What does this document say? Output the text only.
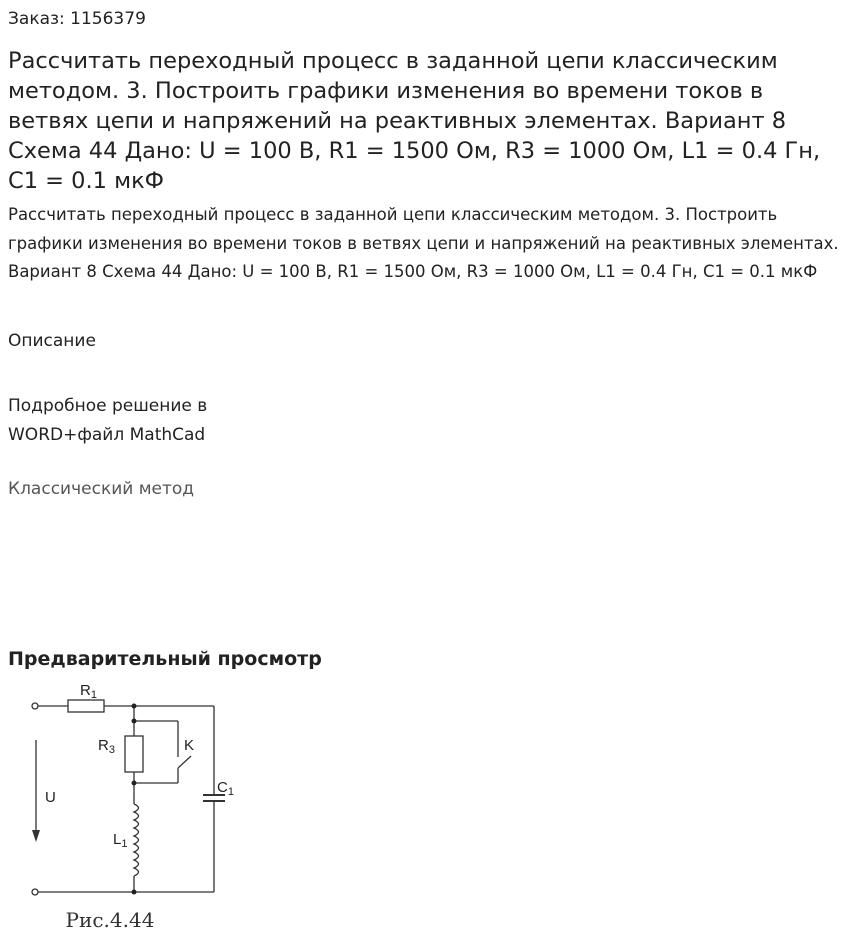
Заказ: 1156379
Рассчитать переходный процесс в заданной цепи классическим методом. 3. Построить графики изменения во времени токов в ветвях цепи и напряжений на реактивных элементах. Вариант 8 Схема 44 Дано: U = 100 В, R1 = 1500 Ом, R3 = 1000 Ом, L1 = 0.4 Гн, C1 = 0.1 мкФ
Рассчитать переходный процесс в заданной цепи классическим методом. 3. Построить графики изменения во времени токов в ветвях цепи и напряжений на реактивных элементах. Вариант 8 Схема 44 Дано: U = 100 В, R1 = 1500 Ом, R3 = 1000 Ом, L1 = 0.4 Гн, C1 = 0.1 мкФ
Описание
Подробное решение в WORD+файл MathCad
Классический метод
Предварительный просмотр
$R_1$
$R_3$	K
$C_1$
U
$L_1$
Рис.4.44
